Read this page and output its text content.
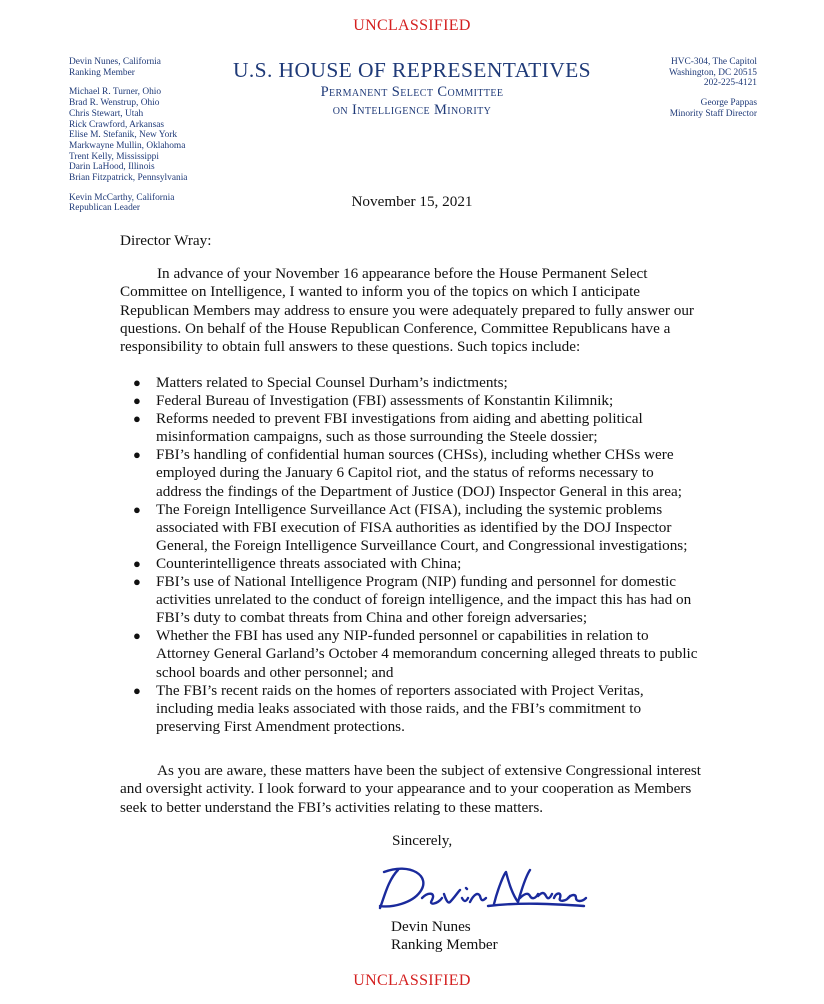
UNCLASSIFIED
Devin Nunes, California
Ranking Member
Michael R. Turner, Ohio
Brad R. Wenstrup, Ohio
Chris Stewart, Utah
Rick Crawford, Arkansas
Elise M. Stefanik, New York
Markwayne Mullin, Oklahoma
Trent Kelly, Mississippi
Darin LaHood, Illinois
Brian Fitzpatrick, Pennsylvania
Kevin McCarthy, California
Republican Leader
U.S. HOUSE OF REPRESENTATIVES
Permanent Select Committee
on Intelligence Minority
HVC-304, The Capitol
Washington, DC 20515
202-225-4121
George Pappas
Minority Staff Director
November 15, 2021
Director Wray:

In advance of your November 16 appearance before the House Permanent Select

Committee on Intelligence, I wanted to inform you of the topics on which I anticipate
Republican Members may address to ensure you were adequately prepared to fully answer our
questions. On behalf of the House Republican Conference, Committee Republicans have a
responsibility to obtain full answers to these questions. Such topics include:
● Matters related to Special Counsel Durham’s indictments;
● Federal Bureau of Investigation (FBI) assessments of Konstantin Kilimnik;
● Reforms needed to prevent FBI investigations from aiding and abetting political
misinformation campaigns, such as those surrounding the Steele dossier;
● FBI’s handling of confidential human sources (CHSs), including whether CHSs were
employed during the January 6 Capitol riot, and the status of reforms necessary to
address the findings of the Department of Justice (DOJ) Inspector General in this area;
● The Foreign Intelligence Surveillance Act (FISA), including the systemic problems
associated with FBI execution of FISA authorities as identified by the DOJ Inspector
General, the Foreign Intelligence Surveillance Court, and Congressional investigations;
● Counterintelligence threats associated with China;
● FBI’s use of National Intelligence Program (NIP) funding and personnel for domestic
activities unrelated to the conduct of foreign intelligence, and the impact this has had on
FBI’s duty to combat threats from China and other foreign adversaries;
● Whether the FBI has used any NIP-funded personnel or capabilities in relation to
Attorney General Garland’s October 4 memorandum concerning alleged threats to public
school boards and other personnel; and
● The FBI’s recent raids on the homes of reporters associated with Project Veritas,
including media leaks associated with those raids, and the FBI’s commitment to
preserving First Amendment protections.

As you are aware, these matters have been the subject of extensive Congressional interest

and oversight activity. I look forward to your appearance and to your cooperation as Members
seek to better understand the FBI’s activities relating to these matters.
Sincerely,
Devin Nunes
Ranking Member
UNCLASSIFIED
